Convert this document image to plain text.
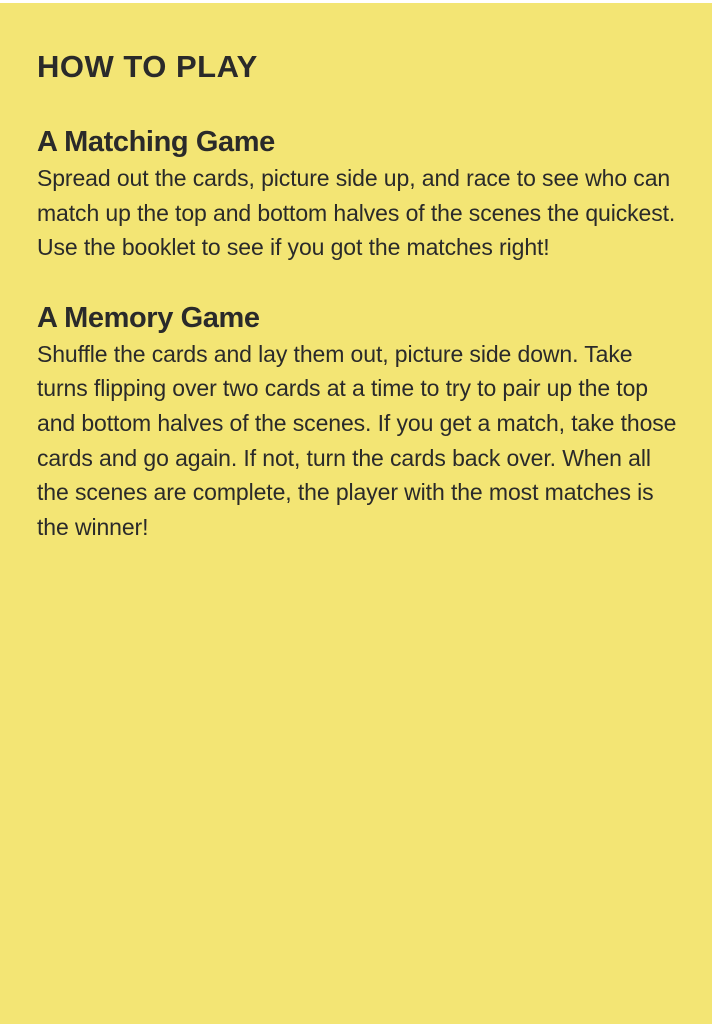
HOW TO PLAY
A Matching Game

Spread out the cards, picture side up, and race to see who can match up the top and bottom halves of the scenes the quickest. Use the booklet to see if you got the matches right!

A Memory Game

Shuffle the cards and lay them out, picture side down. Take turns flipping over two cards at a time to try to pair up the top and bottom halves of the scenes. If you get a match, take those cards and go again. If not, turn the cards back over. When all the scenes are complete, the player with the most matches is the winner!
